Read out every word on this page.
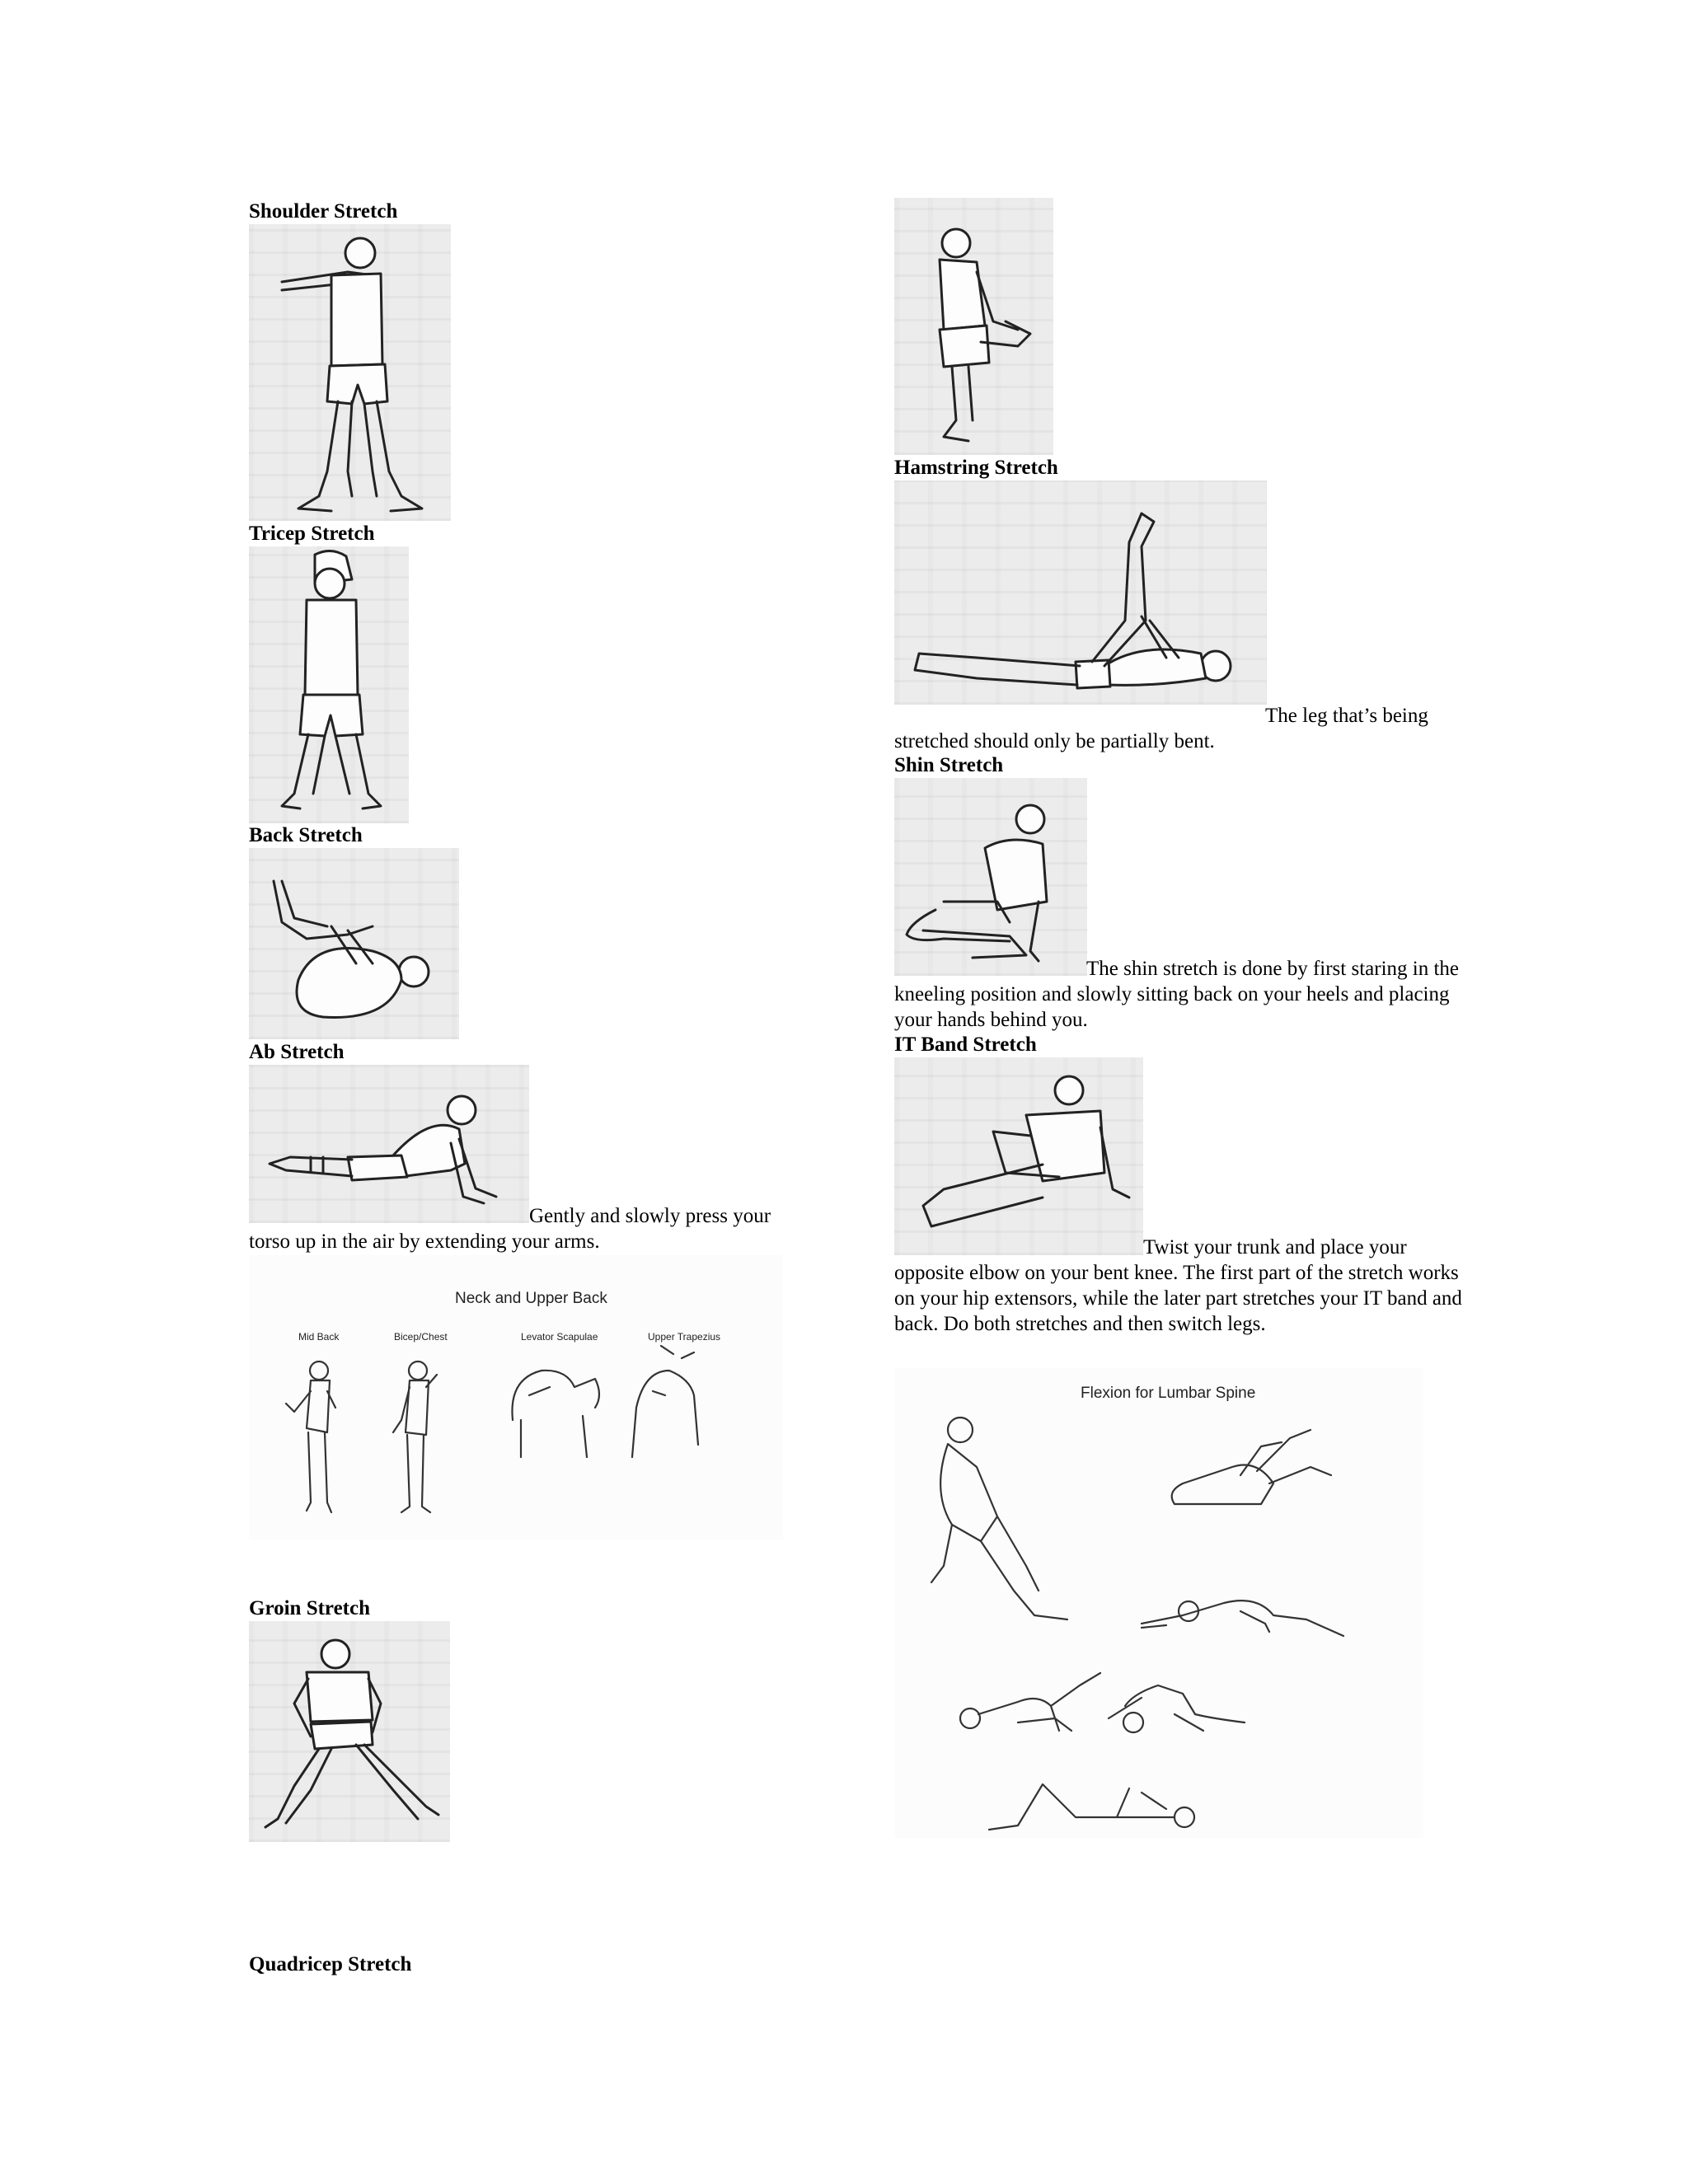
Shoulder Stretch
Tricep Stretch
Back Stretch
Ab Stretch
Gently and slowly press your torso up in the air by extending your arms.
Neck and Upper Back
Mid Back	Bicep/Chest	Levator Scapulae	Upper Trapezius
Groin Stretch
Quadricep Stretch
Hamstring Stretch
The leg that’s being stretched should only be partially bent.
Shin Stretch
The shin stretch is done by first staring in the kneeling position and slowly sitting back on your heels and placing your hands behind you.
IT Band Stretch
Twist your trunk and place your opposite elbow on your bent knee. The first part of the stretch works on your hip extensors, while the later part stretches your IT band and back. Do both stretches and then switch legs.
Flexion for Lumbar Spine
